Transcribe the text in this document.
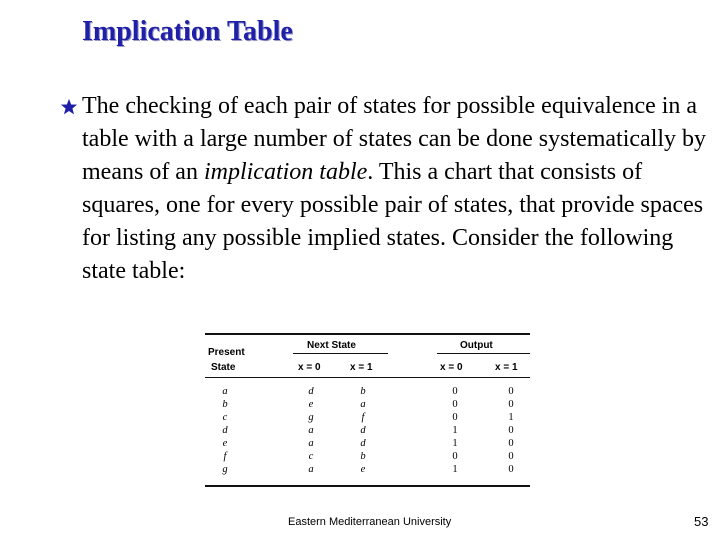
Implication Table
The checking of each pair of states for possible equivalence in a table with a large number of states can be done systematically by means of an implication table. This a chart that consists of squares, one for every possible pair of states, that provide spaces for listing any possible implied states. Consider the following state table:
Present
State
Next State	Output
x = 0	x = 1	x = 0	x = 1
a	d	b	0	0
b	e	a	0	0
c	g	f	0	1
d	a	d	1	0
e	a	d	1	0
f	c	b	0	0
g	a	e	1	0
Eastern Mediterranean University	53
